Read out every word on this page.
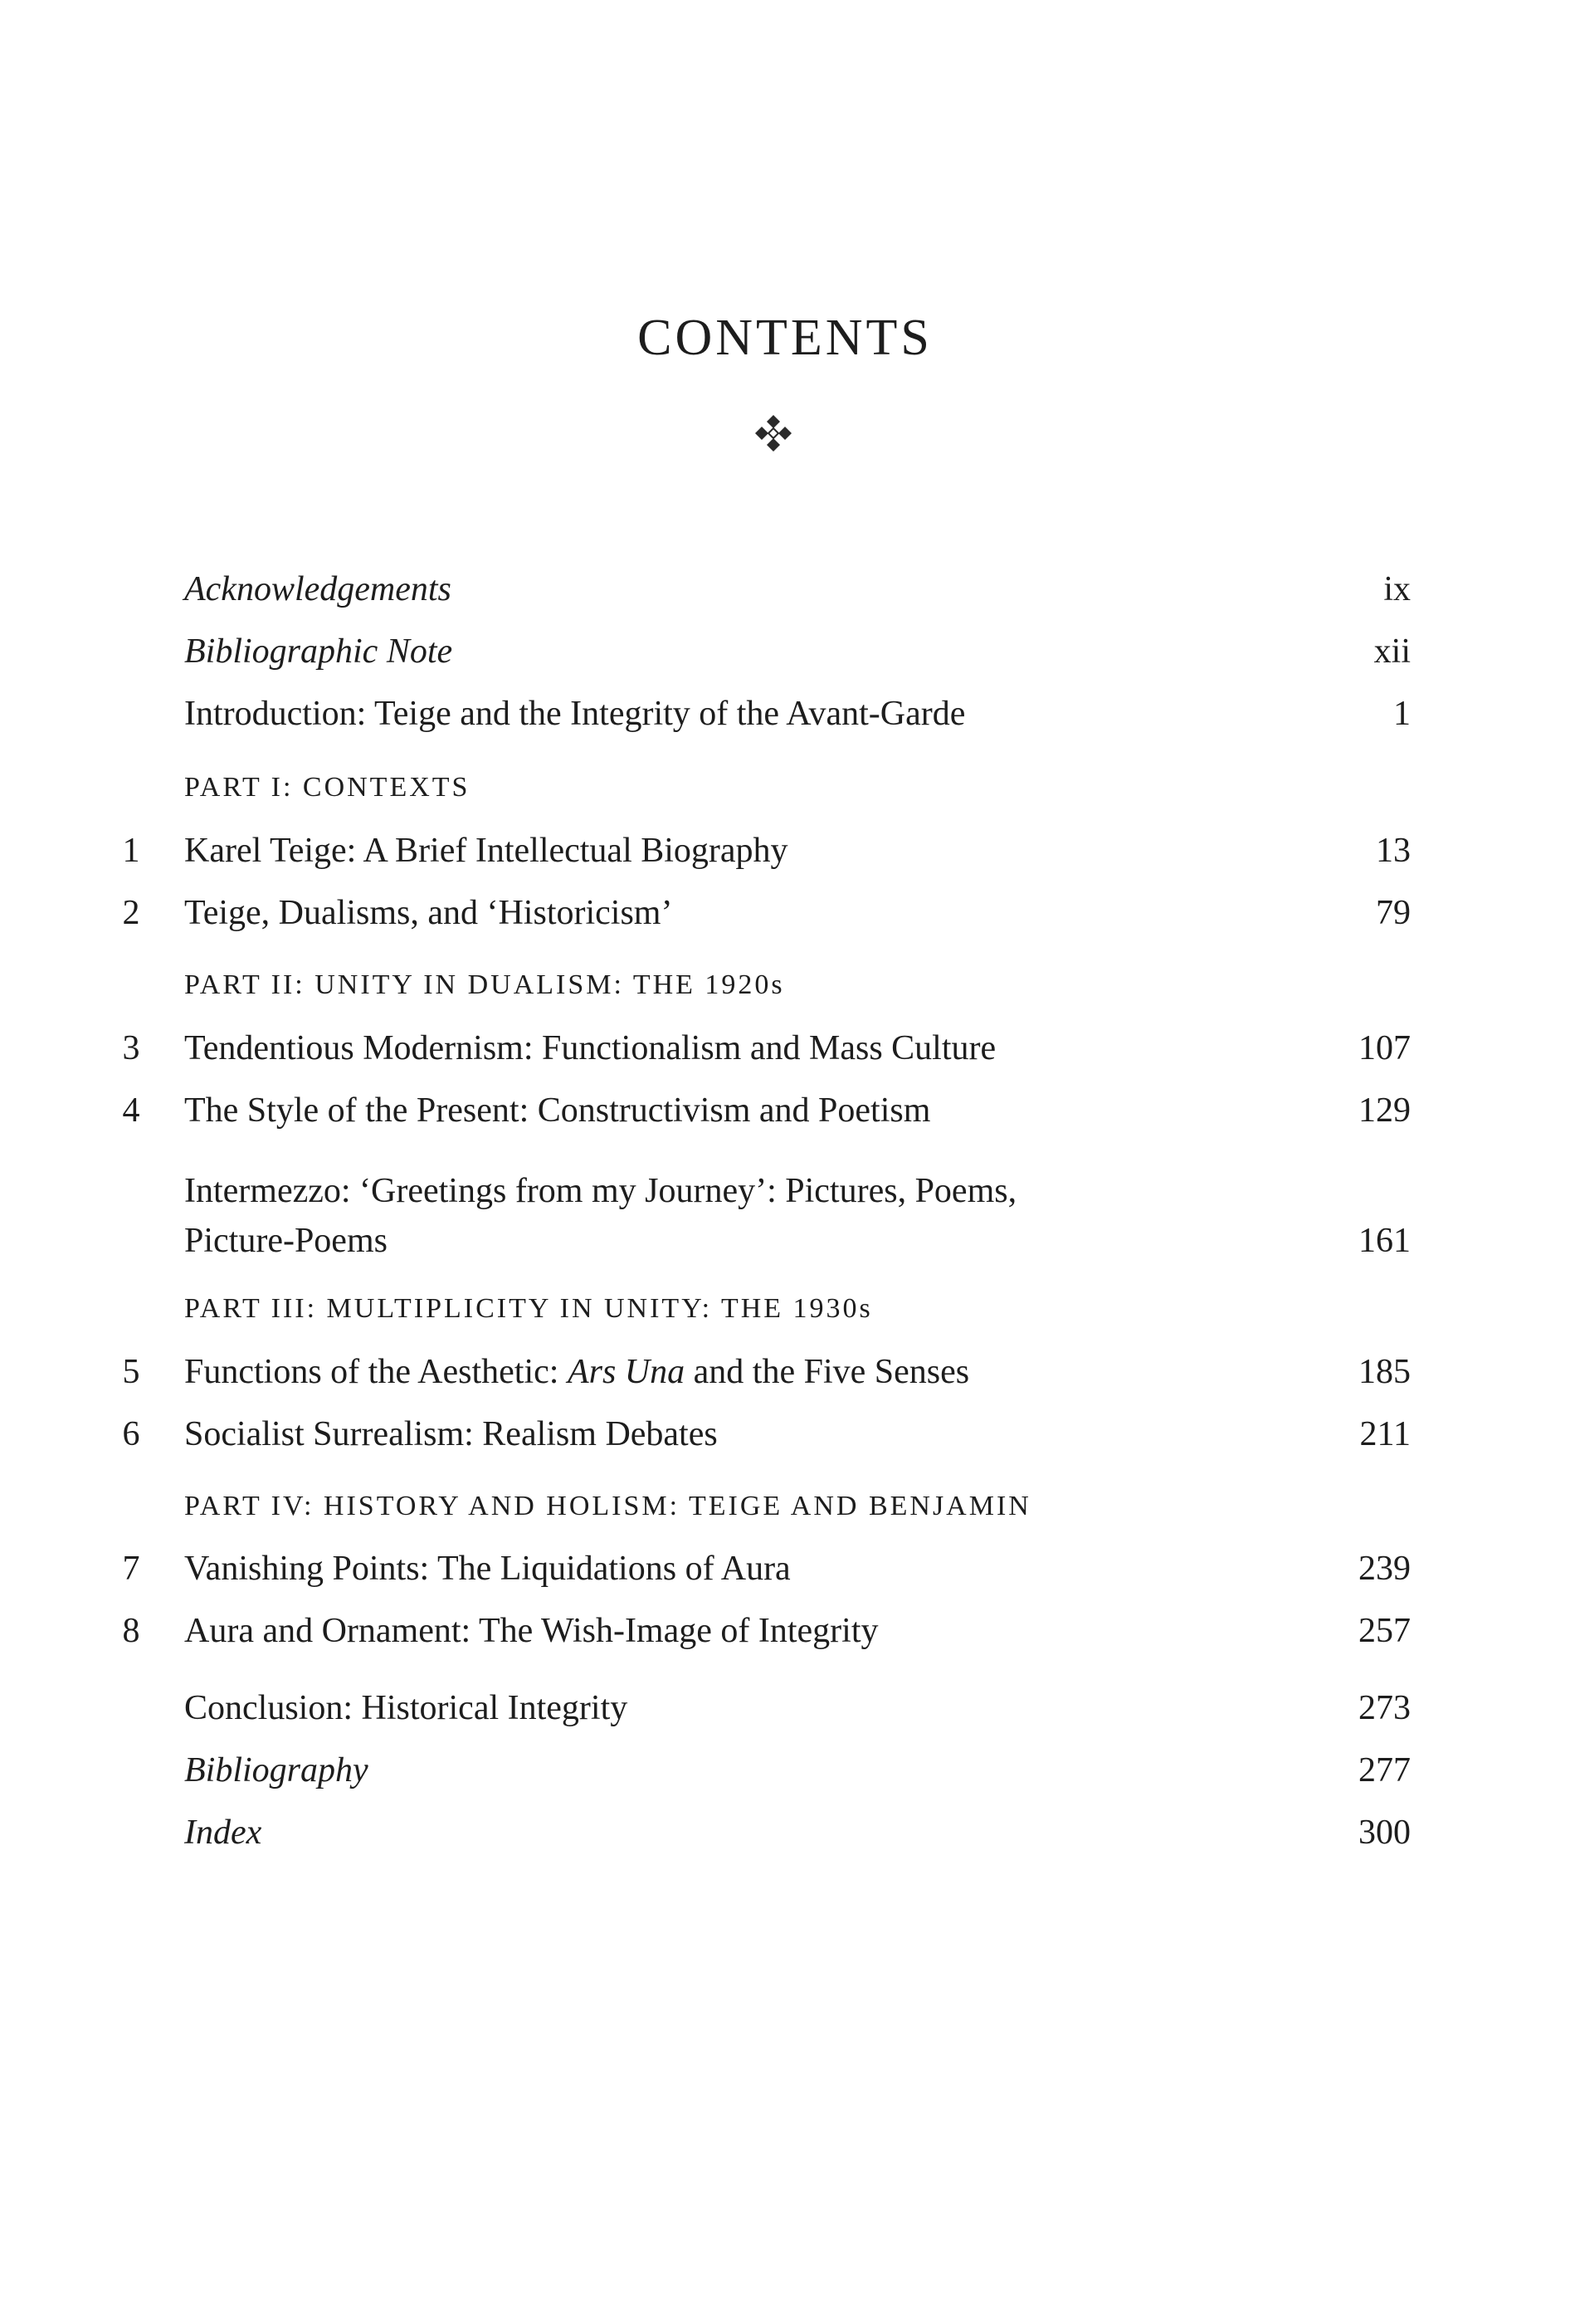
CONTENTS
Acknowledgements	ix
Bibliographic Note	xii
Introduction: Teige and the Integrity of the Avant-Garde	1
PART I: CONTEXTS
1	Karel Teige: A Brief Intellectual Biography	13
2	Teige, Dualisms, and ‘Historicism’	79
PART II: UNITY IN DUALISM: THE 1920s
3	Tendentious Modernism: Functionalism and Mass Culture	107
4	The Style of the Present: Constructivism and Poetism	129
Intermezzo: ‘Greetings from my Journey’: Pictures, Poems,
Picture-Poems	161
PART III: MULTIPLICITY IN UNITY: THE 1930s
5	Functions of the Aesthetic: Ars Una and the Five Senses	185
6	Socialist Surrealism: Realism Debates	211
PART IV: HISTORY AND HOLISM: TEIGE AND BENJAMIN
7	Vanishing Points: The Liquidations of Aura	239
8	Aura and Ornament: The Wish-Image of Integrity	257
Conclusion: Historical Integrity	273
Bibliography	277
Index	300
